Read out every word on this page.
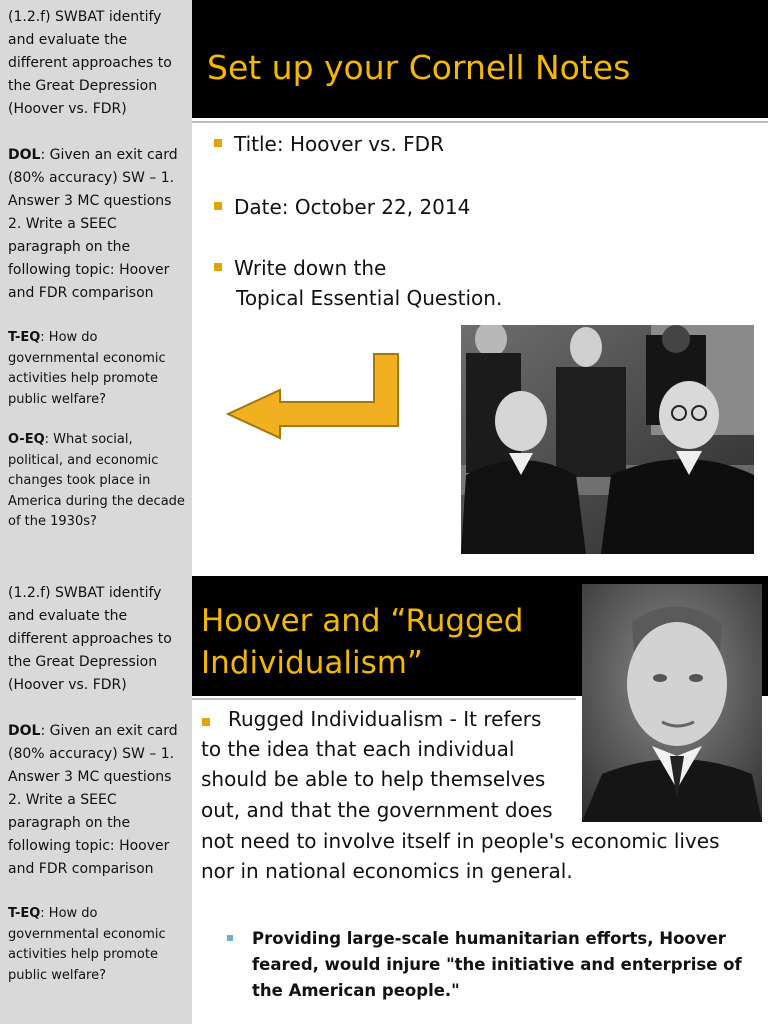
(1.2.f) SWBAT identify and evaluate the different approaches to the Great Depression (Hoover vs. FDR)

DOL: Given an exit card (80% accuracy) SW – 1. Answer 3 MC questions 2. Write a SEEC paragraph on the following topic: Hoover and FDR comparison

T-EQ: How do governmental economic activities help promote public welfare?

O-EQ: What social, political, and economic changes took place in America during the decade of the 1930s?

Set up your Cornell Notes
Title: Hoover vs. FDR
Date: October 22, 2014
Write down the
Topical Essential Question.

(1.2.f) SWBAT identify and evaluate the different approaches to the Great Depression (Hoover vs. FDR)

DOL: Given an exit card (80% accuracy) SW – 1. Answer 3 MC questions 2. Write a SEEC paragraph on the following topic: Hoover and FDR comparison

T-EQ: How do governmental economic activities help promote public welfare?

Hoover and “Rugged
Individualism”
Rugged Individualism - It refers
to the idea that each individual
should be able to help themselves
out, and that the government does
not need to involve itself in people's economic lives
nor in national economics in general.
Providing large-scale humanitarian efforts, Hoover feared, would injure "the initiative and enterprise of the American people."
